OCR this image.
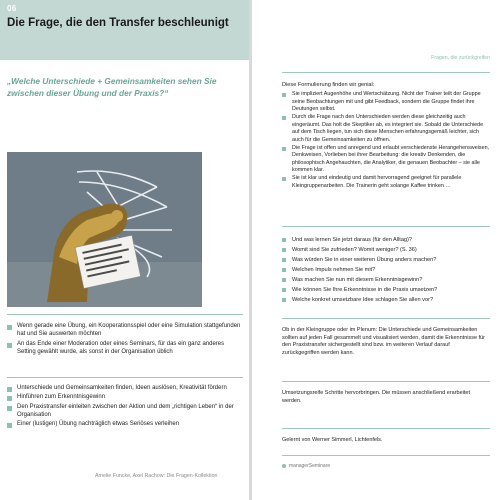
06
Die Frage, die den Transfer beschleunigt
„Welche Unterschiede + Gemeinsamkeiten sehen Sie zwischen dieser Übung und der Praxis?“
Wenn gerade eine Übung, ein Kooperationsspiel oder eine Simulation stattgefunden hat und Sie auswerten möchten
An das Ende einer Moderation oder eines Seminars, für das ein ganz anderes Setting gewählt wurde, als sonst in der Organisation üblich
Unterschiede und Gemeinsamkeiten finden, Ideen auslösen, Kreativität fördern
Hinführen zum Erkenntnisgewinn
Den Praxistransfer einleiten zwischen der Aktion und dem „richtigen Leben“ in der Organisation
Einer (lustigen) Übung nachträglich etwas Seriöses verleihen
Amelie Funcke, Axel Rachow: Die Fragen-Kollektion
Fragen, die zurückgreifen
Diese Formulierung finden wir genial:
Sie impliziert Augenhöhe und Wertschätzung. Nicht der Trainer teilt der Gruppe seine Beobachtungen mit und gibt Feedback, sondern die Gruppe findet ihre Deutungen selbst.
Durch die Frage nach den Unterschieden werden diese gleichzeitig auch eingeräumt. Das holt die Skeptiker ab, es integriert sie. Sobald die Unterschiede auf dem Tisch liegen, tun sich diese Menschen erfahrungsgemäß leichter, sich auch für die Gemeinsamkeiten zu öffnen.
Die Frage ist offen und anregend und erlaubt verschiedenste Herangehensweisen, Denkweisen, Vorlieben bei ihrer Bearbeitung: die kreativ Denkenden, die philosophisch Angehauchten, die Analytiker, die genauen Beobachter – sie alle kommen klar.
Sie ist klar und eindeutig und damit hervorragend geeignet für parallele Kleingruppenarbeiten. Die Trainerin geht solange Kaffee trinken …
Und was lernen Sie jetzt daraus (für den Alltag)?
Womit sind Sie zufrieden? Womit weniger? (S. 36)
Was würden Sie in einer weiteren Übung anders machen?
Welchen Impuls nehmen Sie mit?
Was machen Sie nun mit diesem Erkenntnisgewinn?
Wie können Sie Ihre Erkenntnisse in die Praxis umsetzen?
Welche konkret umsetzbare Idee schlagen Sie allen vor?
Ob in der Kleingruppe oder im Plenum: Die Unterschiede und Gemeinsamkeiten sollten auf jeden Fall gesammelt und visualisiert werden, damit die Erkenntnisse für den Praxistransfer sichergestellt sind bzw. im weiteren Verlauf darauf zurückgegriffen werden kann.
Umsetzungsreife Schritte hervorbringen. Die müssen anschließend erarbeitet werden.
Gelernt von Werner Simmerl, Lichtenfels.
managerSeminare
